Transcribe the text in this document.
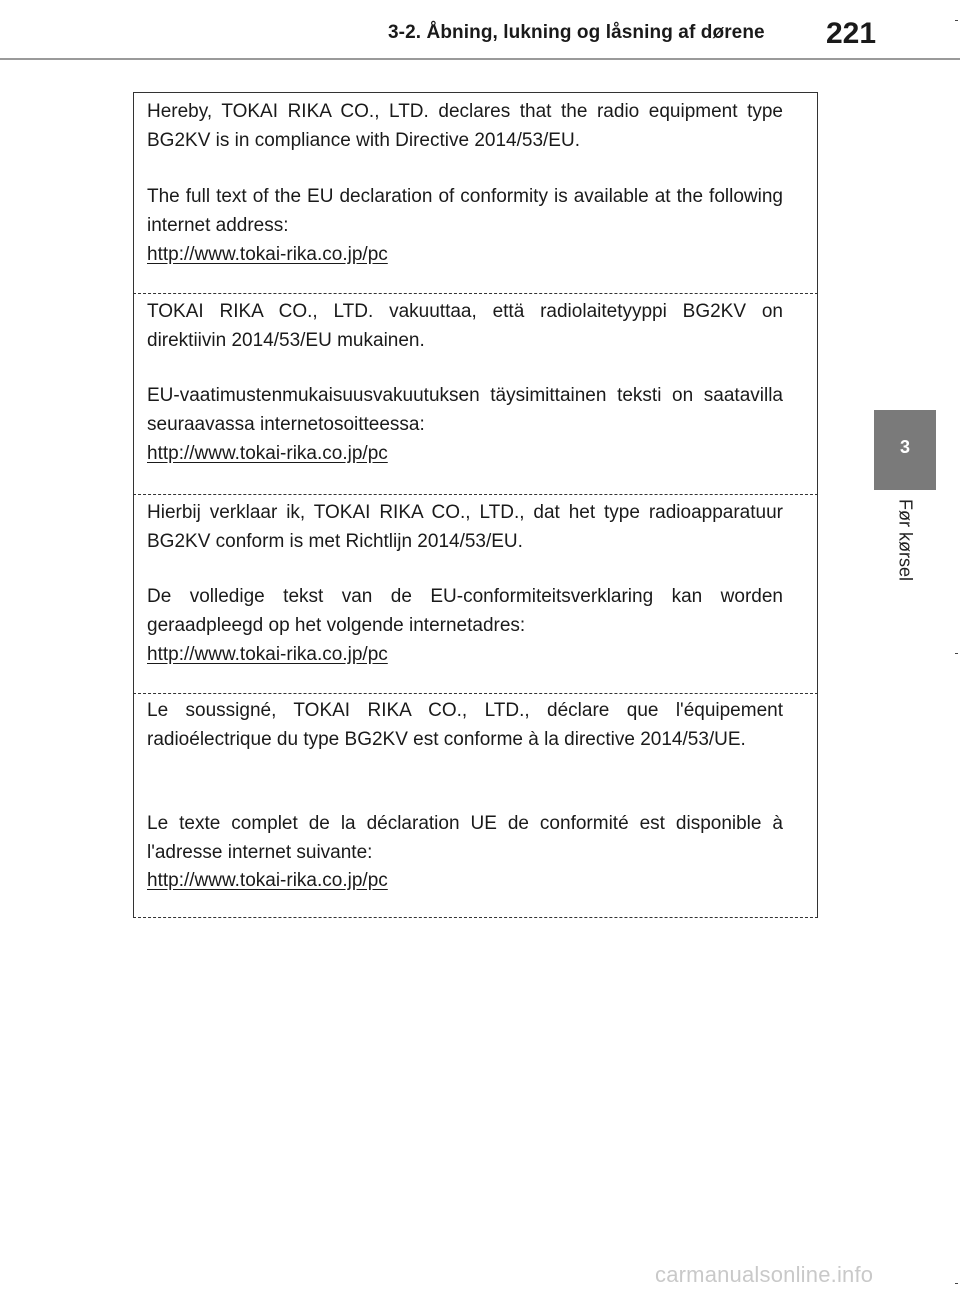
3-2. Åbning, lukning og låsning af dørene 221
3
Før kørsel

Hereby, TOKAI RIKA CO., LTD. declares that the radio equipment type BG2KV is in compliance with Directive 2014/53/EU.

The full text of the EU declaration of conformity is available at the following internet address:

http://www.tokai-rika.co.jp/pc

TOKAI RIKA CO., LTD. vakuuttaa, että radiolaitetyyppi BG2KV on direktiivin 2014/53/EU mukainen.

EU-vaatimustenmukaisuusvakuutuksen täysimittainen teksti on saatavilla seuraavassa internetosoitteessa:

http://www.tokai-rika.co.jp/pc

Hierbij verklaar ik, TOKAI RIKA CO., LTD., dat het type radioapparatuur BG2KV conform is met Richtlijn 2014/53/EU.

De volledige tekst van de EU-conformiteitsverklaring kan worden geraadpleegd op het volgende internetadres:

http://www.tokai-rika.co.jp/pc

Le soussigné, TOKAI RIKA CO., LTD., déclare que l'équipement radioélectrique du type BG2KV est conforme à la directive 2014/53/UE.

Le texte complet de la déclaration UE de conformité est disponible à l'adresse internet suivante:

http://www.tokai-rika.co.jp/pc
carmanualsonline.info
